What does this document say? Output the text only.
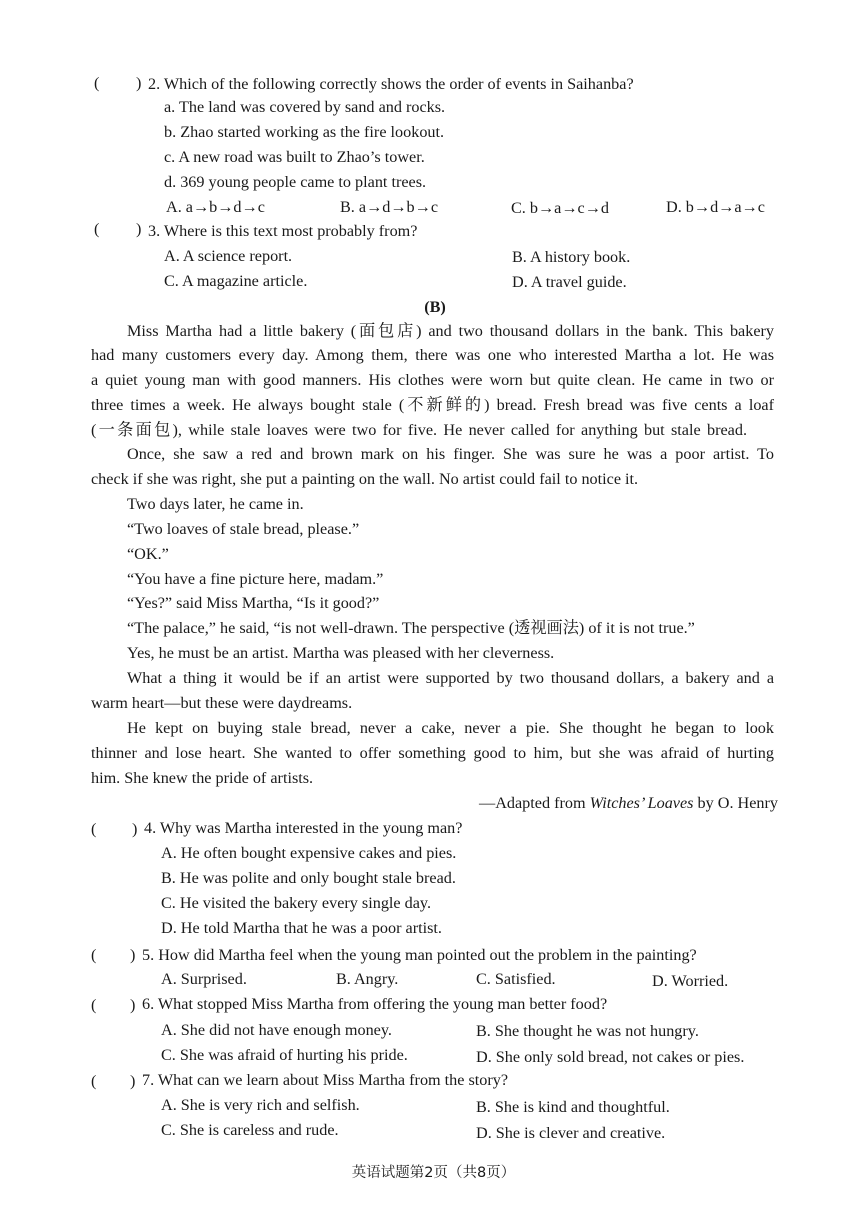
( ) 2. Which of the following correctly shows the order of events in Saihanba?
a. The land was covered by sand and rocks.
b. Zhao started working as the fire lookout.
c. A new road was built to Zhao’s tower.
d. 369 young people came to plant trees.
A. a→b→d→c	B. a→d→b→c	C. b→a→c→d	D. b→d→a→c
( ) 3. Where is this text most probably from?
A. A science report.	B. A history book.
C. A magazine article.	D. A travel guide.
(B)
Miss Martha had a little bakery (面包店) and two thousand dollars in the bank. This bakery
had many customers every day. Among them, there was one who interested Martha a lot. He was
a quiet young man with good manners. His clothes were worn but quite clean. He came in two or
three times a week. He always bought stale (不新鲜的) bread. Fresh bread was five cents a loaf
(一条面包), while stale loaves were two for five. He never called for anything but stale bread.
Once, she saw a red and brown mark on his finger. She was sure he was a poor artist. To
check if she was right, she put a painting on the wall. No artist could fail to notice it.
Two days later, he came in.
“Two loaves of stale bread, please.”
“OK.”
“You have a fine picture here, madam.”
“Yes?” said Miss Martha, “Is it good?”
“The palace,” he said, “is not well-drawn. The perspective (透视画法) of it is not true.”
Yes, he must be an artist. Martha was pleased with her cleverness.
What a thing it would be if an artist were supported by two thousand dollars, a bakery and a
warm heart—but these were daydreams.
He kept on buying stale bread, never a cake, never a pie. She thought he began to look
thinner and lose heart. She wanted to offer something good to him, but she was afraid of hurting
him. She knew the pride of artists.
—Adapted from Witches’ Loaves by O. Henry
( ) 4. Why was Martha interested in the young man?
A. He often bought expensive cakes and pies.
B. He was polite and only bought stale bread.
C. He visited the bakery every single day.
D. He told Martha that he was a poor artist.
( ) 5. How did Martha feel when the young man pointed out the problem in the painting?
A. Surprised.	B. Angry.	C. Satisfied.	D. Worried.
( ) 6. What stopped Miss Martha from offering the young man better food?
A. She did not have enough money.	B. She thought he was not hungry.
C. She was afraid of hurting his pride.	D. She only sold bread, not cakes or pies.
( ) 7. What can we learn about Miss Martha from the story?
A. She is very rich and selfish.	B. She is kind and thoughtful.
C. She is careless and rude.	D. She is clever and creative.
英语试题第2页（共8页）
